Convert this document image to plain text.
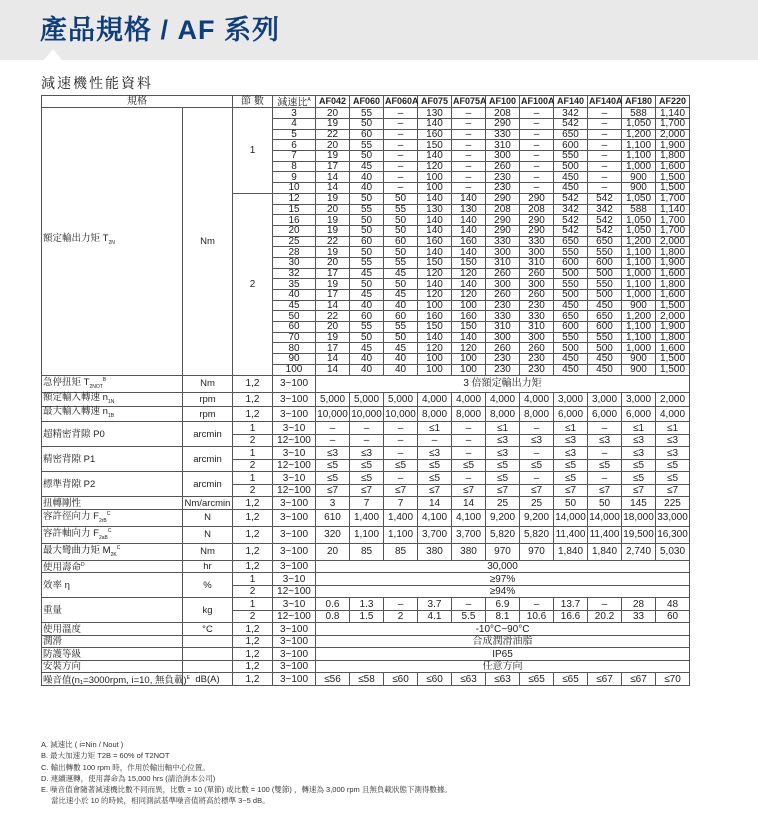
產品規格 / AF 系列
減速機性能資料
規格		節 數	減速比$^A$	AF042	AF060	AF060A	AF075	AF075A	AF100	AF100A	AF140	AF140A	AF180	AF220
額定輸出力矩 $T_{2N}$	Nm	1	3	20	55	–	130	–	208	–	342	–	588	1,140
			4	19	50	–	140	–	290	–	542	–	1,050	1,700
			5	22	60	–	160	–	330	–	650	–	1,200	2,000
			6	20	55	–	150	–	310	–	600	–	1,100	1,900
			7	19	50	–	140	–	300	–	550	–	1,100	1,800
			8	17	45	–	120	–	260	–	500	–	1,000	1,600
			9	14	40	–	100	–	230	–	450	–	900	1,500
			10	14	40	–	100	–	230	–	450	–	900	1,500
		2	12	19	50	50	140	140	290	290	542	542	1,050	1,700
			15	20	55	55	130	130	208	208	342	342	588	1,140
			16	19	50	50	140	140	290	290	542	542	1,050	1,700
			20	19	50	50	140	140	290	290	542	542	1,050	1,700
			25	22	60	60	160	160	330	330	650	650	1,200	2,000
			28	19	50	50	140	140	300	300	550	550	1,100	1,800
			30	20	55	55	150	150	310	310	600	600	1,100	1,900
			32	17	45	45	120	120	260	260	500	500	1,000	1,600
			35	19	50	50	140	140	300	300	550	550	1,100	1,800
			40	17	45	45	120	120	260	260	500	500	1,000	1,600
			45	14	40	40	100	100	230	230	450	450	900	1,500
			50	22	60	60	160	160	330	330	650	650	1,200	2,000
			60	20	55	55	150	150	310	310	600	600	1,100	1,900
			70	19	50	50	140	140	300	300	550	550	1,100	1,800
			80	17	45	45	120	120	260	260	500	500	1,000	1,600
			90	14	40	40	100	100	230	230	450	450	900	1,500
			100	14	40	40	100	100	230	230	450	450	900	1,500
急停扭矩 $T_{2NOT}^B$	Nm	1,2	3~100	3 倍額定輸出力矩										
額定輸入轉速 $n_{1N}$	rpm	1,2	3~100	5,000	5,000	5,000	4,000	4,000	4,000	4,000	3,000	3,000	3,000	2,000
最大輸入轉速 $n_{1B}$	rpm	1,2	3~100	10,000	10,000	10,000	8,000	8,000	8,000	8,000	6,000	6,000	6,000	4,000
超精密背隙 P0	arcmin	1	3~10	–	–	–	≤1	–	≤1	–	≤1	–	≤1	≤1
		2	12~100	–	–	–	–	–	≤3	≤3	≤3	≤3	≤3	≤3
精密背隙 P1	arcmin	1	3~10	≤3	≤3	–	≤3	–	≤3	–	≤3	–	≤3	≤3
		2	12~100	≤5	≤5	≤5	≤5	≤5	≤5	≤5	≤5	≤5	≤5	≤5
標準背隙 P2	arcmin	1	3~10	≤5	≤5	–	≤5	–	≤5	–	≤5	–	≤5	≤5
		2	12~100	≤7	≤7	≤7	≤7	≤7	≤7	≤7	≤7	≤7	≤7	≤7
扭轉剛性	Nm/arcmin	1,2	3~100	3	7	7	14	14	25	25	50	50	145	225
容許徑向力 $F_{2rB}^C$	N	1,2	3~100	610	1,400	1,400	4,100	4,100	9,200	9,200	14,000	14,000	18,000	33,000
容許軸向力 $F_{2aB}^C$	N	1,2	3~100	320	1,100	1,100	3,700	3,700	5,820	5,820	11,400	11,400	19,500	16,300
最大彎曲力矩 $M_{2K}^C$	Nm	1,2	3~100	20	85	85	380	380	970	970	1,840	1,840	2,740	5,030
使用壽命$^D$	hr	1,2	3~100	30,000										
效率 η	%	1	3~10	≥97%										
		2	12~100	≥94%										
重量	kg	1	3~10	0.6	1.3	–	3.7	–	6.9	–	13.7	–	28	48
		2	12~100	0.8	1.5	2	4.1	5.5	8.1	10.6	16.6	20.2	33	60
使用溫度	°C	1,2	3~100	-10°C~90°C										
潤滑		1,2	3~100	合成潤滑油脂										
防護等級		1,2	3~100	IP65										
安裝方向		1,2	3~100	任意方向										
噪音值(n₁=3000rpm, i=10, 無負載)$^E$	dB(A)	1,2	3~100	≤56	≤58	≤60	≤60	≤63	≤63	≤65	≤65	≤67	≤67	≤70
A. 減速比 ( i=Nin / Nout )
B. 最大加速力矩 T2B = 60% of T2NOT
C. 輸出轉數 100 rpm 時，作用於輸出軸中心位置。
D. 連續運轉，使用壽命為 15,000 hrs (請洽詢本公司)
E. 噪音值會隨著減速機比數不同而異，比數 = 10 (單節) 或比數 = 100 (雙節) ，轉速為 3,000 rpm 且無負載狀態下測得數據。
當比速小於 10 的時候，相同測試基準噪音值將高於標準 3~5 dB。
